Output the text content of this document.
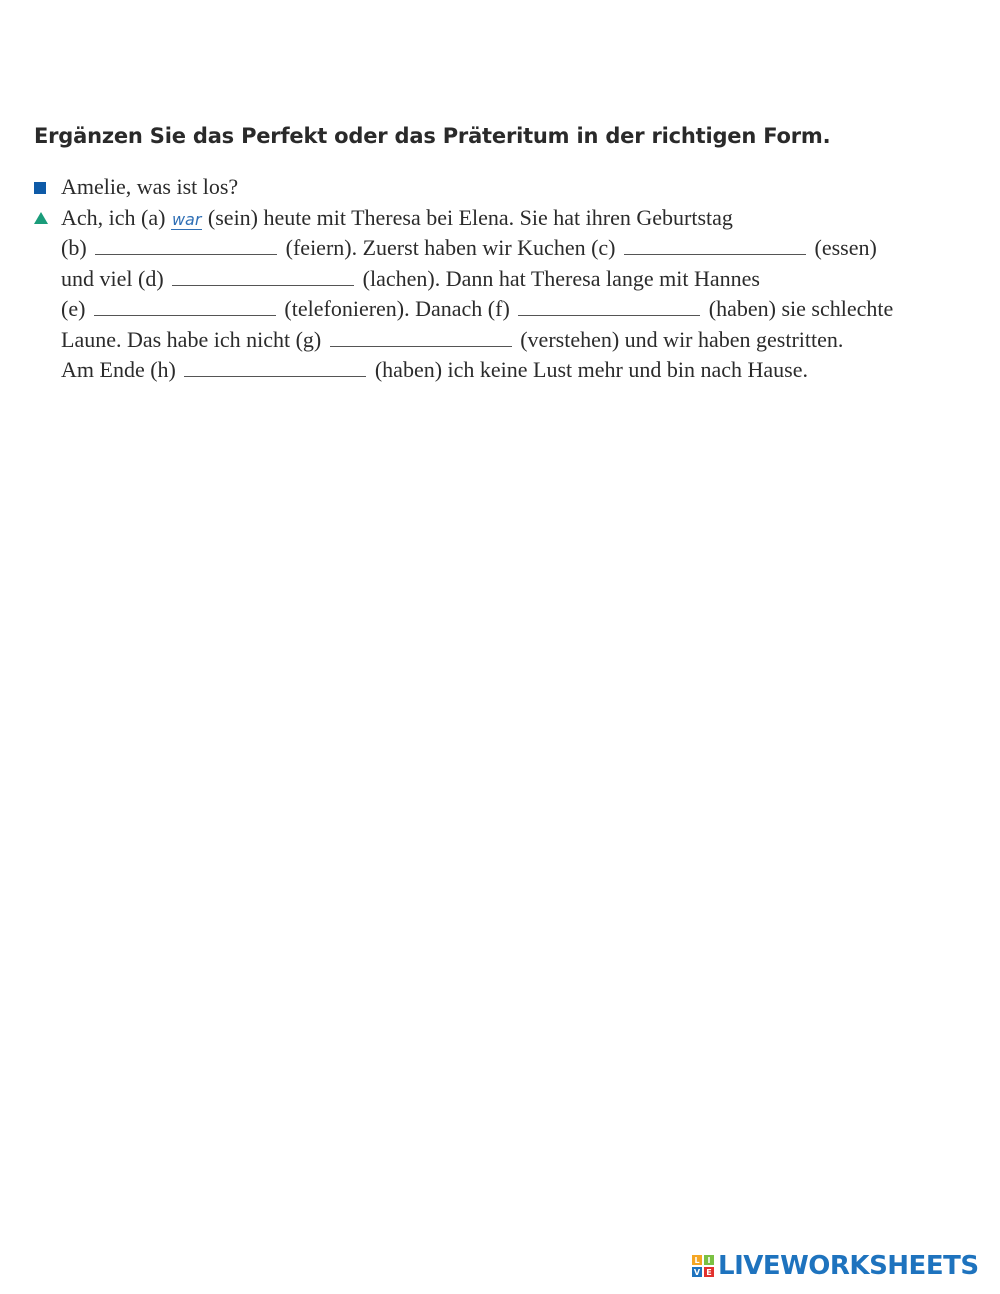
Ergänzen Sie das Perfekt oder das Präteritum in der richtigen Form.
Amelie, was ist los?
Ach, ich (a) war (sein) heute mit Theresa bei Elena. Sie hat ihren Geburtstag
(b)	(feiern). Zuerst haben wir Kuchen (c)	(essen)
und viel (d)	(lachen). Dann hat Theresa lange mit Hannes
(e)	(telefonieren). Danach (f)	(haben) sie schlechte
Laune. Das habe ich nicht (g)	(verstehen) und wir haben gestritten.
Am Ende (h)	(haben) ich keine Lust mehr und bin nach Hause.
L I
V E LIVEWORKSHEETS
